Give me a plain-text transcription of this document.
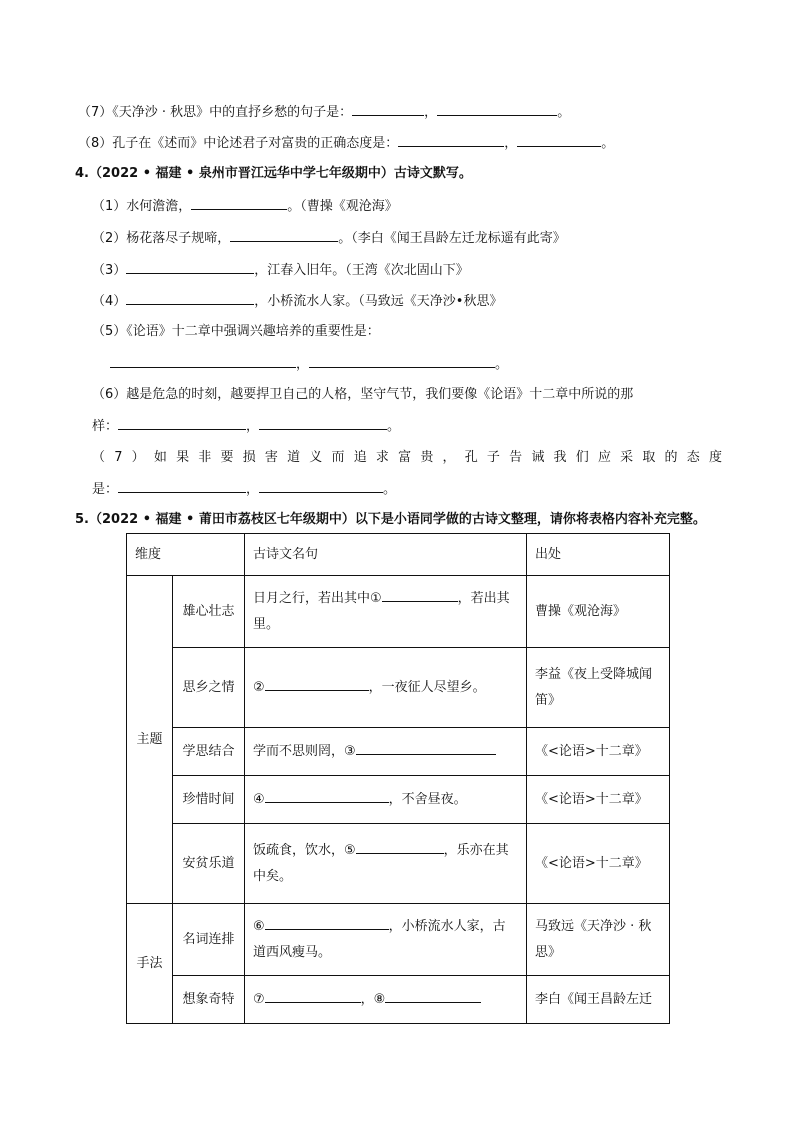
（7）《天净沙 · 秋思》中的直抒乡愁的句子是：	，	。
（8）孔子在《述而》中论述君子对富贵的正确态度是：	，	。
4.（2022 • 福建 • 泉州市晋江远华中学七年级期中）古诗文默写。
（1）水何澹澹，	。（曹操《观沧海》
（2）杨花落尽子规啼，	。（李白《闻王昌龄左迁龙标遥有此寄》
（3）	，江春入旧年。（王湾《次北固山下》
（4）	，小桥流水人家。（马致远《天净沙•秋思》
（5）《论语》十二章中强调兴趣培养的重要性是：
，	。
（6）越是危急的时刻，越要捍卫自己的人格，坚守气节，我们要像《论语》十二章中所说的那
样：	，	。
（ 7 ） 如 果 非 要 损 害 道 义 而 追 求 富 贵 ， 孔 子 告 诫 我 们 应 采 取 的 态 度
是：	，	。
5.（2022 • 福建 • 莆田市荔枝区七年级期中）以下是小语同学做的古诗文整理，请你将表格内容补充完整。
维度		古诗文名句	出处
主题	雄心壮志	日月之行，若出其中① ，若出其里。	曹操《观沧海》
	思乡之情	② ，一夜征人尽望乡。	李益《夜上受降城闻笛》
	学思结合	学而不思则罔，③	《<论语>十二章》
	珍惜时间	④ ，不舍昼夜。	《<论语>十二章》
	安贫乐道	饭疏食，饮水，⑤ ，乐亦在其中矣。	《<论语>十二章》
手法	名词连排	⑥ ，小桥流水人家，古道西风瘦马。	马致远《天净沙 · 秋思》
	想象奇特	⑦ ，⑧	李白《闻王昌龄左迁
